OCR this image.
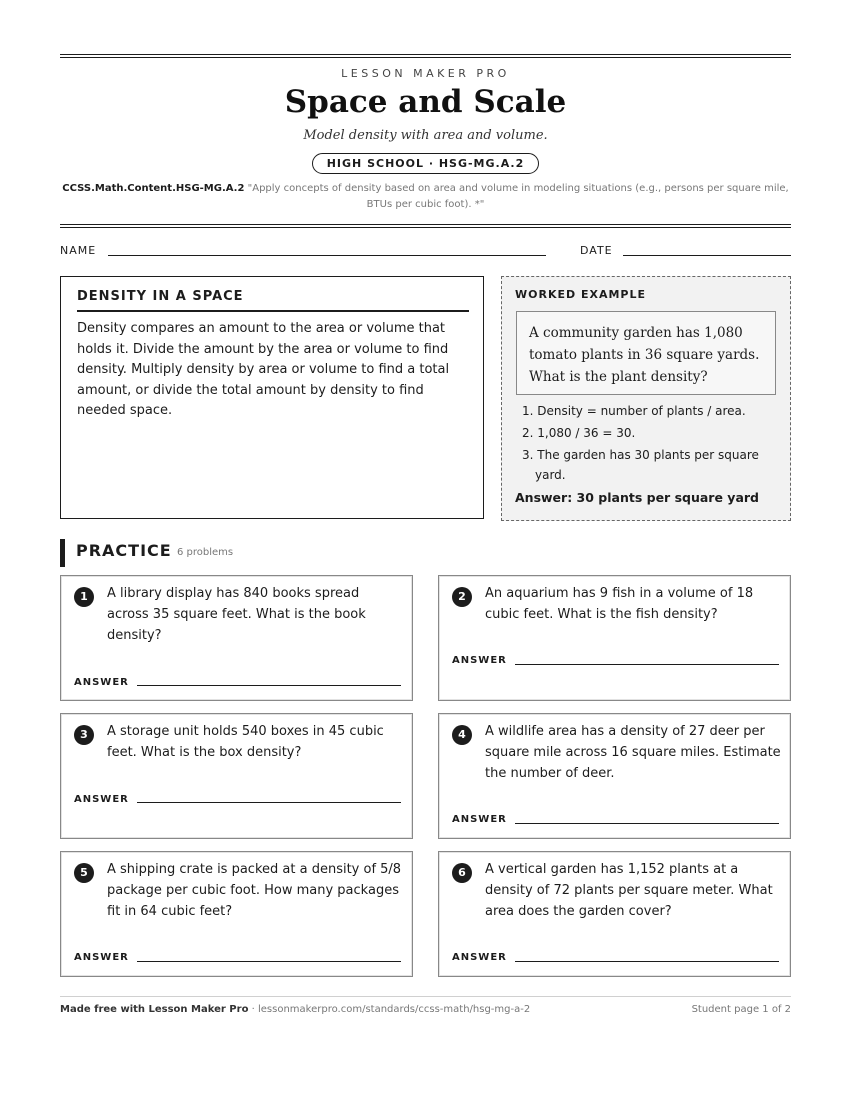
LESSON MAKER PRO
Space and Scale
Model density with area and volume.
HIGH SCHOOL · HSG-MG.A.2
CCSS.Math.Content.HSG-MG.A.2 "Apply concepts of density based on area and volume in modeling situations (e.g., persons per square mile, BTUs per cubic foot). *"
NAME	DATE
DENSITY IN A SPACE

Density compares an amount to the area or volume that holds it. Divide the amount by the area or volume to find density. Multiply density by area or volume to find a total amount, or divide the total amount by density to find needed space.

WORKED EXAMPLE
A community garden has 1,080 tomato plants in 36 square yards. What is the plant density?
1. Density = number of plants / area.
2. 1,080 / 36 = 30.
3. The garden has 30 plants per square yard.
Answer: 30 plants per square yard
PRACTICE 6 problems
1	A library display has 840 books spread across 35 square feet. What is the book density?
ANSWER
2	An aquarium has 9 fish in a volume of 18 cubic feet. What is the fish density?
ANSWER
3	A storage unit holds 540 boxes in 45 cubic feet. What is the box density?
ANSWER
4	A wildlife area has a density of 27 deer per square mile across 16 square miles. Estimate the number of deer.
ANSWER
5	A shipping crate is packed at a density of 5/8 package per cubic foot. How many packages fit in 64 cubic feet?
ANSWER
6	A vertical garden has 1,152 plants at a density of 72 plants per square meter. What area does the garden cover?
ANSWER
Made free with Lesson Maker Pro · lessonmakerpro.com/standards/ccss-math/hsg-mg-a-2	Student page 1 of 2
